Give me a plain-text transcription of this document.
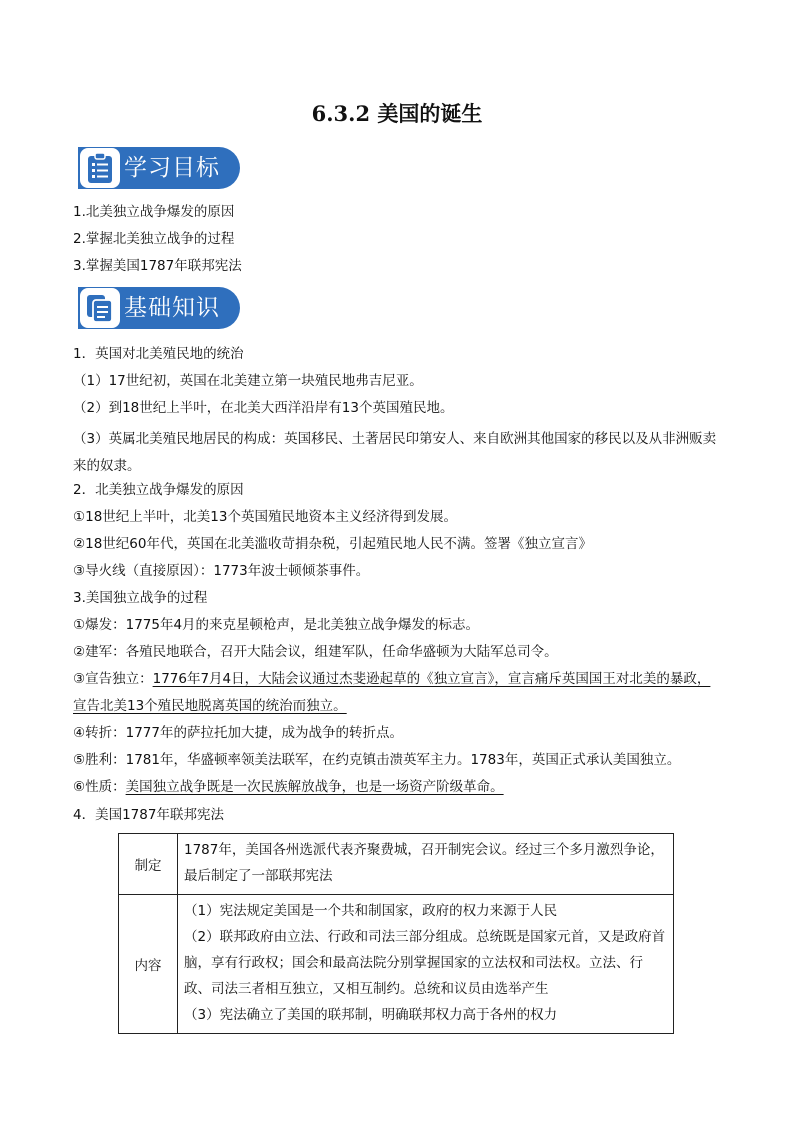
6.3.2 美国的诞生
学习目标
1.北美独立战争爆发的原因
2.掌握北美独立战争的过程
3.掌握美国1787年联邦宪法
基础知识
1．英国对北美殖民地的统治
（1）17世纪初，英国在北美建立第一块殖民地弗吉尼亚。
（2）到18世纪上半叶，在北美大西洋沿岸有13个英国殖民地。
（3）英属北美殖民地居民的构成：英国移民、土著居民印第安人、来自欧洲其他国家的移民以及从非洲贩卖来的奴隶。
2．北美独立战争爆发的原因
①18世纪上半叶，北美13个英国殖民地资本主义经济得到发展。
②18世纪60年代，英国在北美滥收苛捐杂税，引起殖民地人民不满。签署《独立宣言》
③导火线（直接原因）：1773年波士顿倾茶事件。
3.美国独立战争的过程
①爆发：1775年4月的来克星顿枪声，是北美独立战争爆发的标志。
②建军：各殖民地联合，召开大陆会议，组建军队，任命华盛顿为大陆军总司令。
③宣告独立：1776年7月4日，大陆会议通过杰斐逊起草的《独立宣言》，宣言痛斥英国国王对北美的暴政，
宣告北美13个殖民地脱离英国的统治而独立。
④转折：1777年的萨拉托加大捷，成为战争的转折点。
⑤胜利：1781年，华盛顿率领美法联军，在约克镇击溃英军主力。1783年，英国正式承认美国独立。
⑥性质：美国独立战争既是一次民族解放战争，也是一场资产阶级革命。
4．美国1787年联邦宪法
制定	1787年，美国各州选派代表齐聚费城，召开制宪会议。经过三个多月激烈争论，最后制定了一部联邦宪法
内容	（1）宪法规定美国是一个共和制国家，政府的权力来源于人民
（2）联邦政府由立法、行政和司法三部分组成。总统既是国家元首，又是政府首脑，享有行政权；国会和最高法院分别掌握国家的立法权和司法权。立法、行政、司法三者相互独立，又相互制约。总统和议员由选举产生
（3）宪法确立了美国的联邦制，明确联邦权力高于各州的权力
